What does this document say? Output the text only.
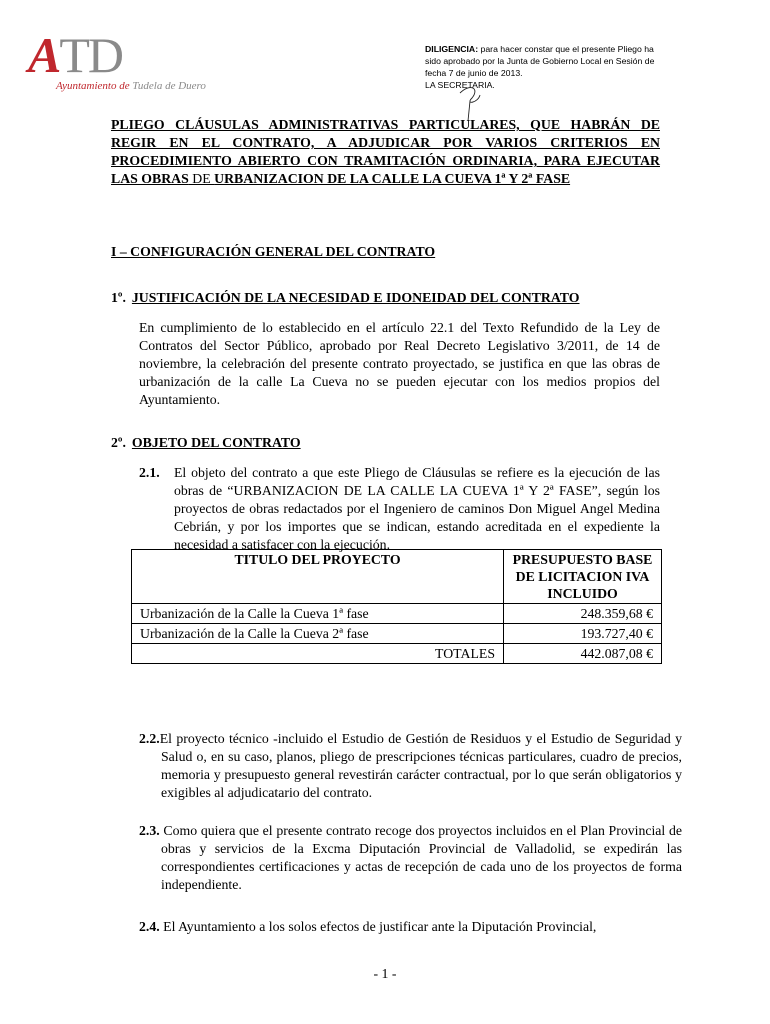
ATD
Ayuntamiento de Tudela de Duero
DILIGENCIA: para hacer constar que el presente Pliego ha sido aprobado por la Junta de Gobierno Local en Sesión de fecha 7 de junio de 2013.
LA SECRETARIA.
PLIEGO CLÁUSULAS ADMINISTRATIVAS PARTICULARES, QUE HABRÁN DE REGIR EN EL CONTRATO, A ADJUDICAR POR VARIOS CRITERIOS EN PROCEDIMIENTO ABIERTO CON TRAMITACIÓN ORDINARIA, PARA EJECUTAR LAS OBRAS DE URBANIZACION DE LA CALLE LA CUEVA 1ª Y 2ª FASE
I – CONFIGURACIÓN GENERAL DEL CONTRATO
1º. JUSTIFICACIÓN DE LA NECESIDAD E IDONEIDAD DEL CONTRATO
En cumplimiento de lo establecido en el artículo 22.1 del Texto Refundido de la Ley de Contratos del Sector Público, aprobado por Real Decreto Legislativo 3/2011, de 14 de noviembre, la celebración del presente contrato proyectado, se justifica en que las obras de urbanización de la calle La Cueva no se pueden ejecutar con los medios propios del Ayuntamiento.
2º. OBJETO DEL CONTRATO
2.1. El objeto del contrato a que este Pliego de Cláusulas se refiere es la ejecución de las obras de “URBANIZACION DE LA CALLE LA CUEVA 1ª Y 2ª FASE”, según los proyectos de obras redactados por el Ingeniero de caminos Don Miguel Angel Medina Cebrián, y por los importes que se indican, estando acreditada en el expediente la necesidad a satisfacer con la ejecución.
TITULO DEL PROYECTO	PRESUPUESTO BASE DE LICITACION IVA INCLUIDO
Urbanización de la Calle la Cueva 1ª fase	248.359,68 €
Urbanización de la Calle la Cueva 2ª fase	193.727,40 €
TOTALES	442.087,08 €
2.2.El proyecto técnico -incluido el Estudio de Gestión de Residuos y el Estudio de Seguridad y Salud o, en su caso, planos, pliego de prescripciones técnicas particulares, cuadro de precios, memoria y presupuesto general revestirán carácter contractual, por lo que serán obligatorios y exigibles al adjudicatario del contrato.
2.3. Como quiera que el presente contrato recoge dos proyectos incluidos en el Plan Provincial de obras y servicios de la Excma Diputación Provincial de Valladolid, se expedirán las correspondientes certificaciones y actas de recepción de cada uno de los proyectos de forma independiente.
2.4. El Ayuntamiento a los solos efectos de justificar ante la Diputación Provincial,
- 1 -
